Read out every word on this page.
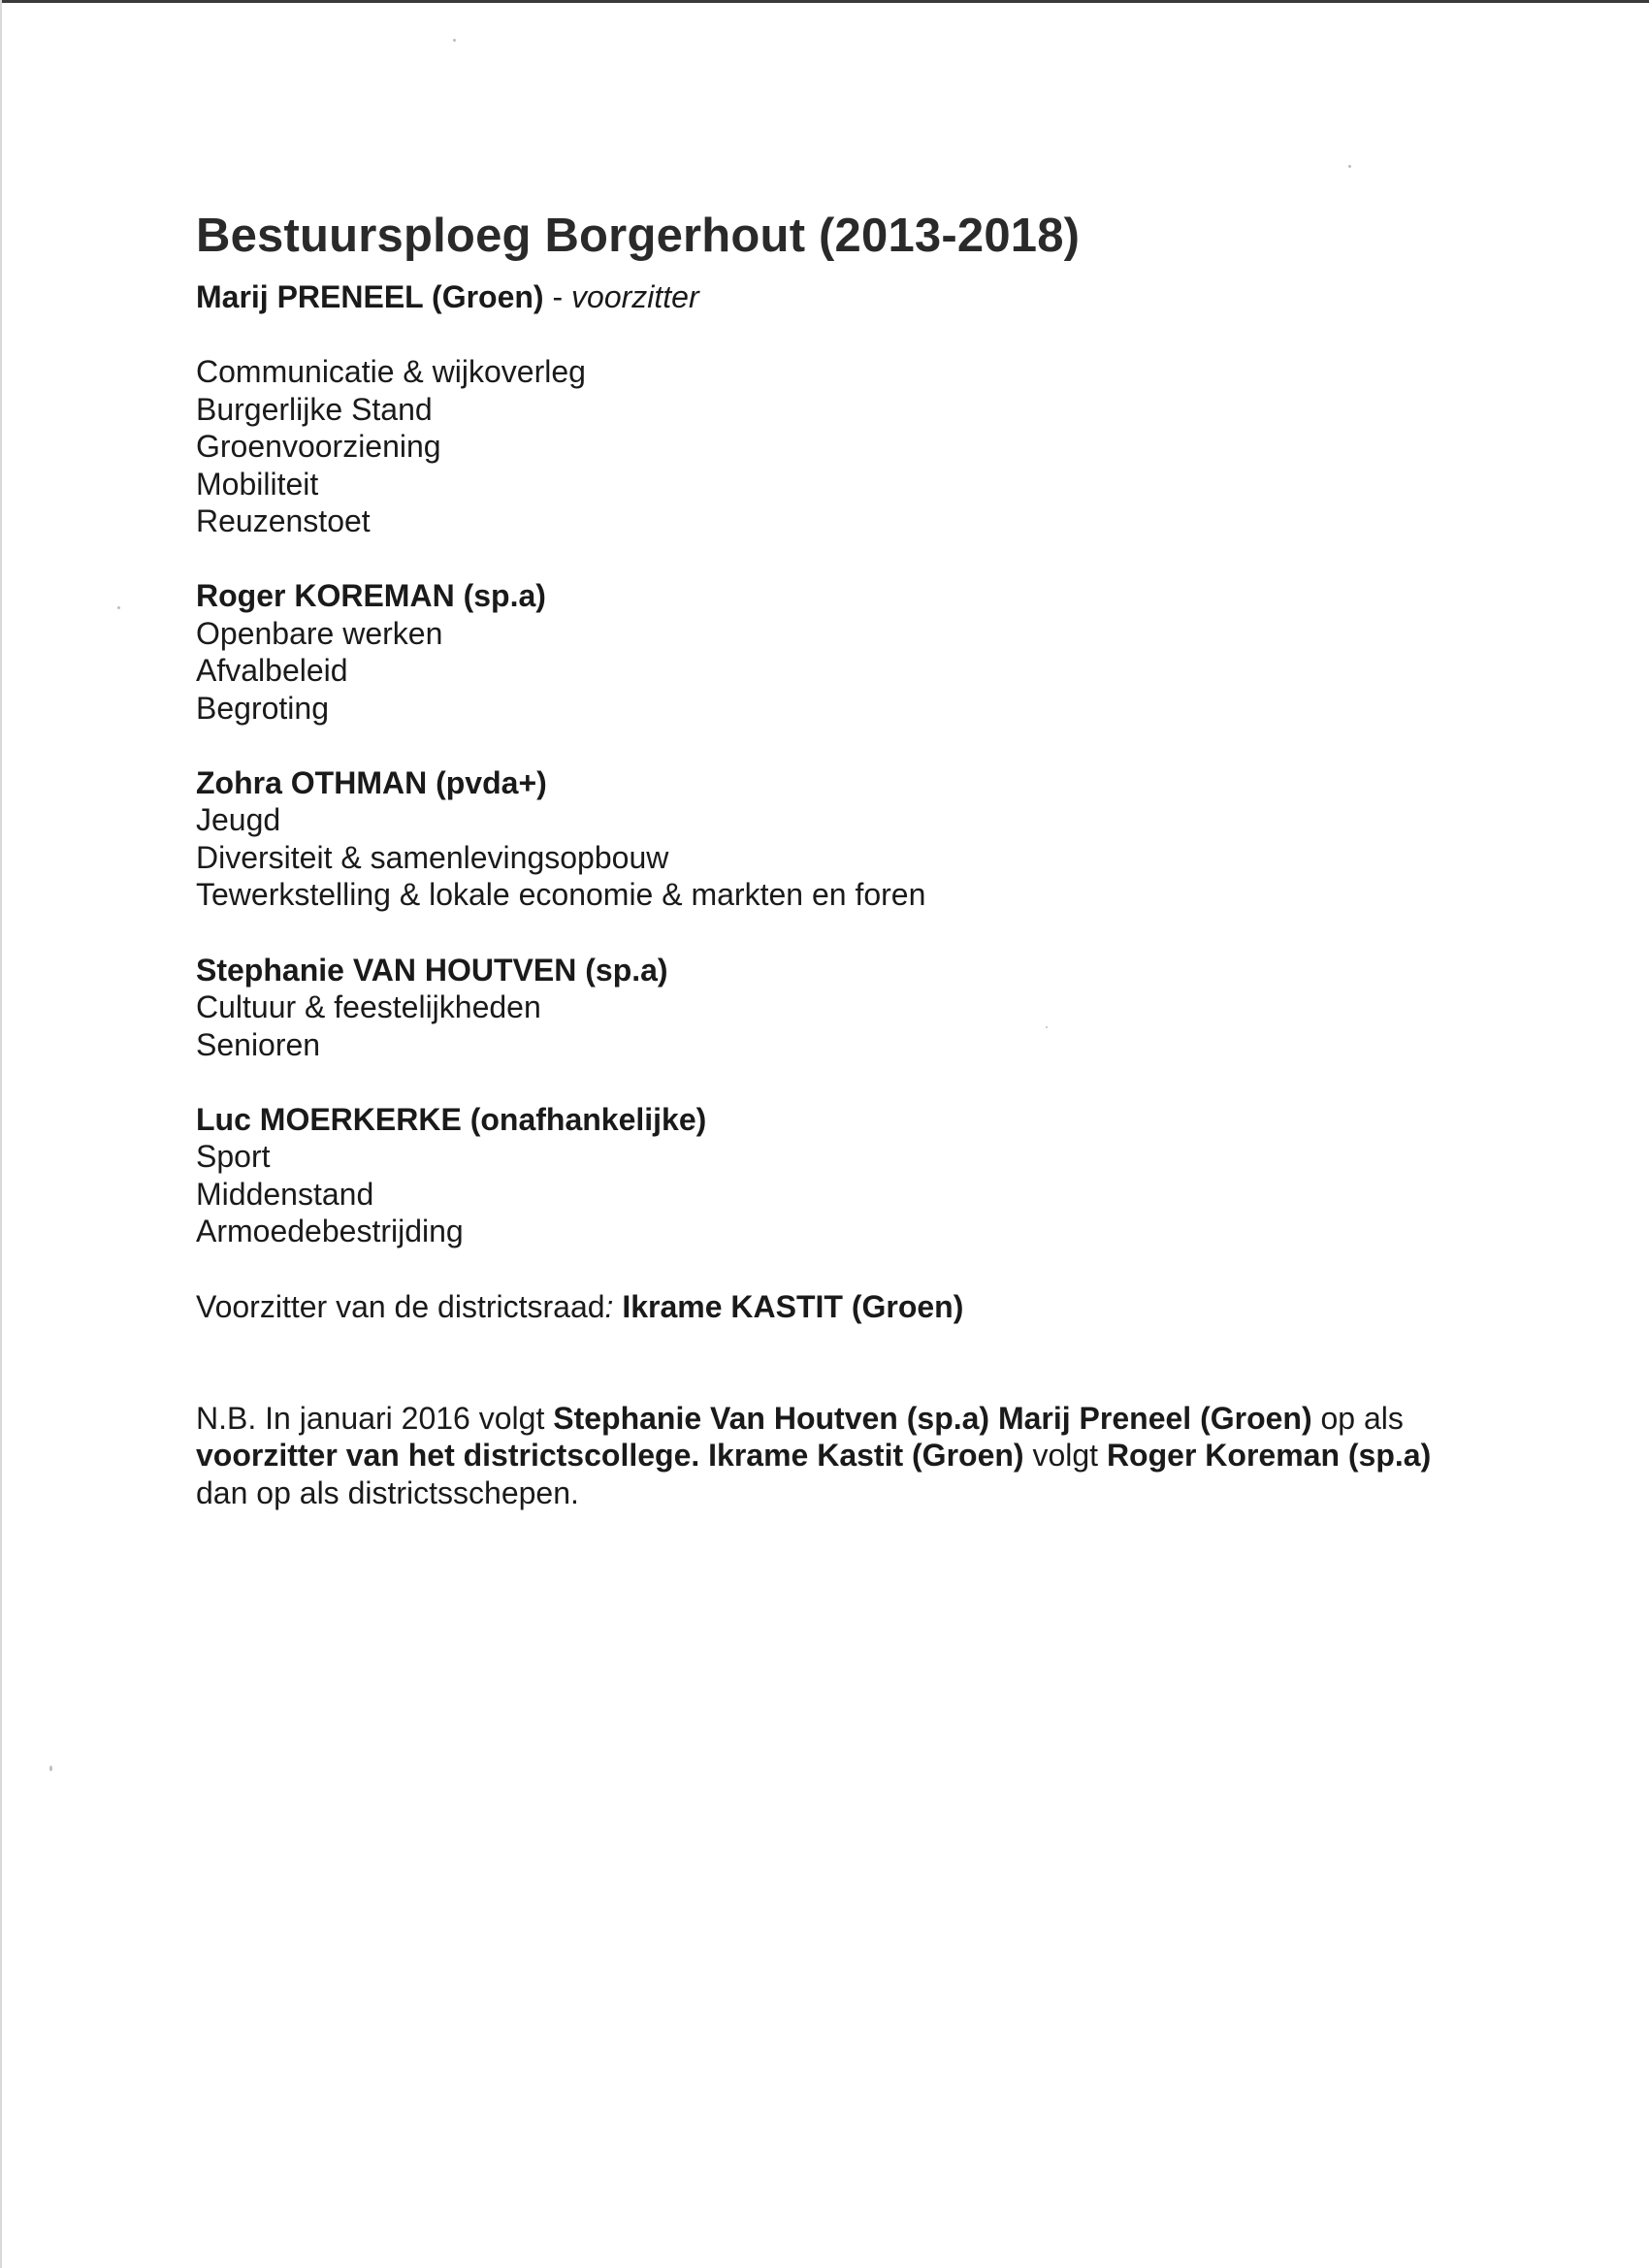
Bestuursploeg Borgerhout (2013-2018)

Marij PRENEEL (Groen) - voorzitter

Communicatie & wijkoverleg

Burgerlijke Stand

Groenvoorziening

Mobiliteit

Reuzenstoet

Roger KOREMAN (sp.a)

Openbare werken

Afvalbeleid

Begroting

Zohra OTHMAN (pvda+)

Jeugd

Diversiteit & samenlevingsopbouw

Tewerkstelling & lokale economie & markten en foren

Stephanie VAN HOUTVEN (sp.a)

Cultuur & feestelijkheden

Senioren

Luc MOERKERKE (onafhankelijke)

Sport

Middenstand

Armoedebestrijding

Voorzitter van de districtsraad: Ikrame KASTIT (Groen)

N.B. In januari 2016 volgt Stephanie Van Houtven (sp.a) Marij Preneel (Groen) op als voorzitter van het districtscollege. Ikrame Kastit (Groen) volgt Roger Koreman (sp.a) dan op als districtsschepen.
